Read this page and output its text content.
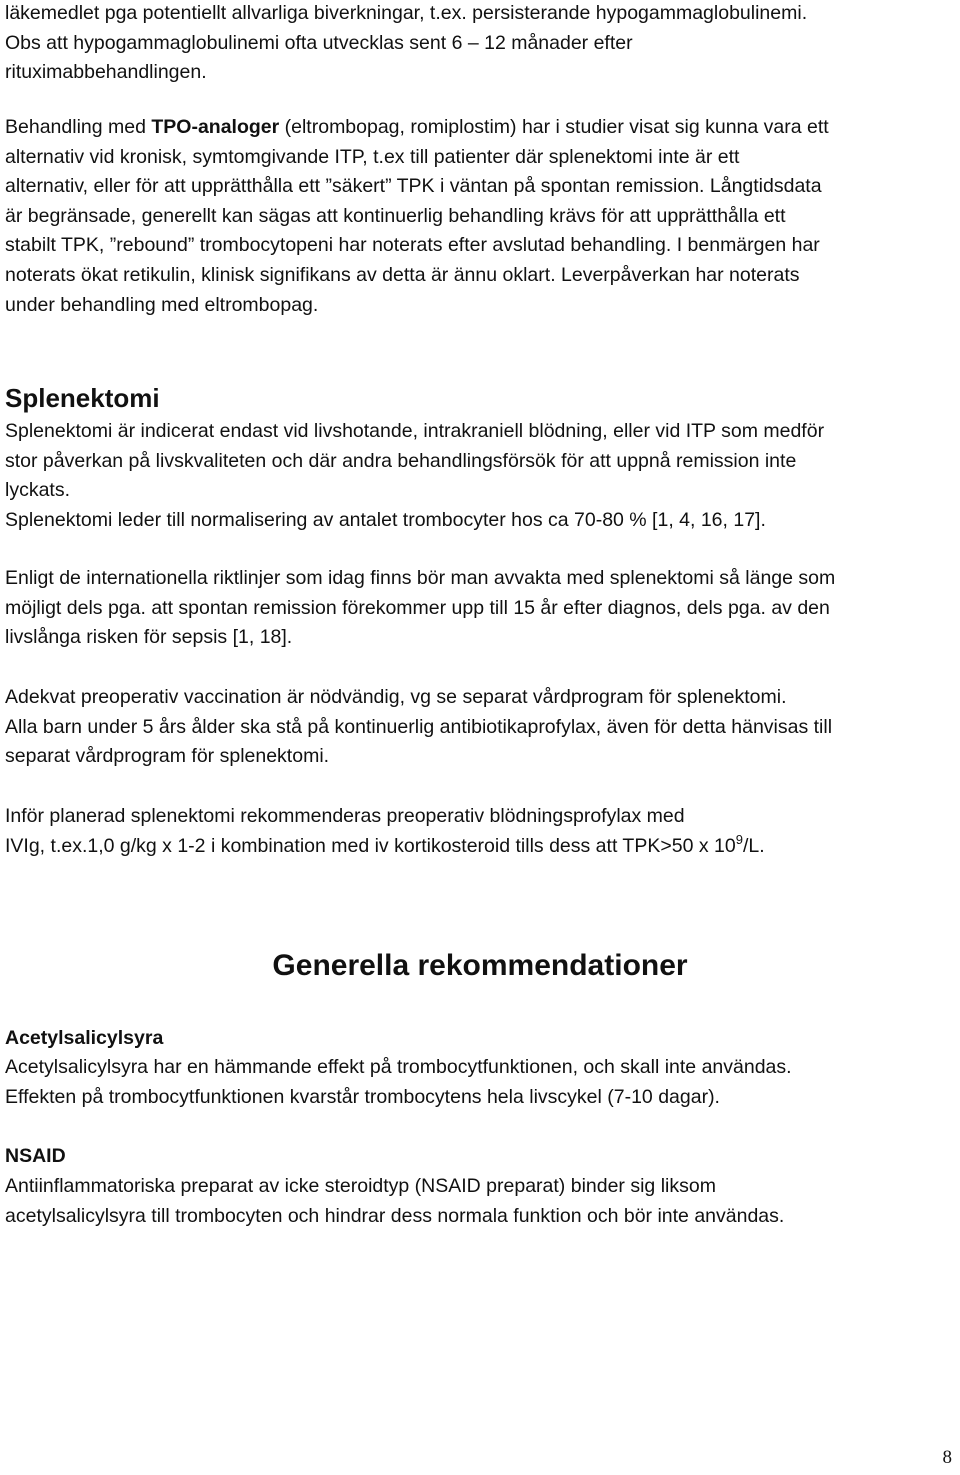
läkemedlet pga potentiellt allvarliga biverkningar, t.ex. persisterande hypogammaglobulinemi.
Obs att hypogammaglobulinemi ofta utvecklas sent 6 – 12 månader efter
rituximabbehandlingen.

Behandling med TPO-analoger (eltrombopag, romiplostim) har i studier visat sig kunna vara ett
alternativ vid kronisk, symtomgivande ITP, t.ex till patienter där splenektomi inte är ett
alternativ, eller för att upprätthålla ett ”säkert” TPK i väntan på spontan remission. Långtidsdata
är begränsade, generellt kan sägas att kontinuerlig behandling krävs för att upprätthålla ett
stabilt TPK, ”rebound” trombocytopeni har noterats efter avslutad behandling. I benmärgen har
noterats ökat retikulin, klinisk signifikans av detta är ännu oklart. Leverpåverkan har noterats
under behandling med eltrombopag.

Splenektomi

Splenektomi är indicerat endast vid livshotande, intrakraniell blödning, eller vid ITP som medför
stor påverkan på livskvaliteten och där andra behandlingsförsök för att uppnå remission inte
lyckats.
Splenektomi leder till normalisering av antalet trombocyter hos ca 70-80 % [1, 4, 16, 17].

Enligt de internationella riktlinjer som idag finns bör man avvakta med splenektomi så länge som
möjligt dels pga. att spontan remission förekommer upp till 15 år efter diagnos, dels pga. av den
livslånga risken för sepsis [1, 18].

Adekvat preoperativ vaccination är nödvändig, vg se separat vårdprogram för splenektomi.
Alla barn under 5 års ålder ska stå på kontinuerlig antibiotikaprofylax, även för detta hänvisas till
separat vårdprogram för splenektomi.

Inför planerad splenektomi rekommenderas preoperativ blödningsprofylax med
IVIg, t.ex.1,0 g/kg x 1-2 i kombination med iv kortikosteroid tills dess att TPK>50 x $10^9/L$.

Generella rekommendationer
Acetylsalicylsyra

Acetylsalicylsyra har en hämmande effekt på trombocytfunktionen, och skall inte användas.
Effekten på trombocytfunktionen kvarstår trombocytens hela livscykel (7-10 dagar).

NSAID

Antiinflammatoriska preparat av icke steroidtyp (NSAID preparat) binder sig liksom
acetylsalicylsyra till trombocyten och hindrar dess normala funktion och bör inte användas.

8
